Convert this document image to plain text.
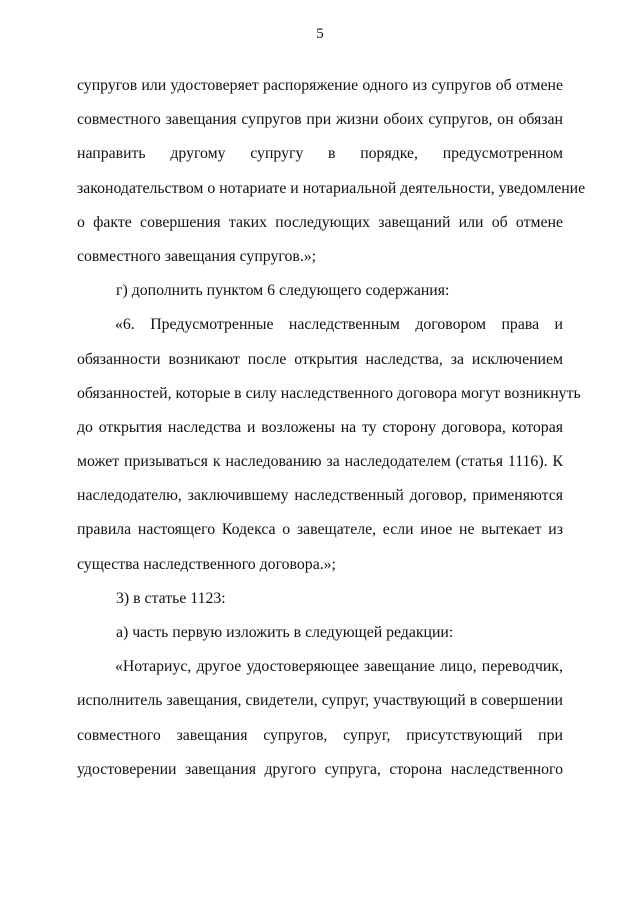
5
супругов или удостоверяет распоряжение одного из супругов об отмене
совместного завещания супругов при жизни обоих супругов, он обязан
направить другому супругу в порядке, предусмотренном
законодательством о нотариате и нотариальной деятельности, уведомление
о факте совершения таких последующих завещаний или об отмене
совместного завещания супругов.»;
г) дополнить пунктом 6 следующего содержания:
«6. Предусмотренные наследственным договором права и
обязанности возникают после открытия наследства, за исключением
обязанностей, которые в силу наследственного договора могут возникнуть
до открытия наследства и возложены на ту сторону договора, которая
может призываться к наследованию за наследодателем (статья 1116). К
наследодателю, заключившему наследственный договор, применяются
правила настоящего Кодекса о завещателе, если иное не вытекает из
существа наследственного договора.»;
3) в статье 1123:
а) часть первую изложить в следующей редакции:
«Нотариус, другое удостоверяющее завещание лицо, переводчик,
исполнитель завещания, свидетели, супруг, участвующий в совершении
совместного завещания супругов, супруг, присутствующий при
удостоверении завещания другого супруга, сторона наследственного
